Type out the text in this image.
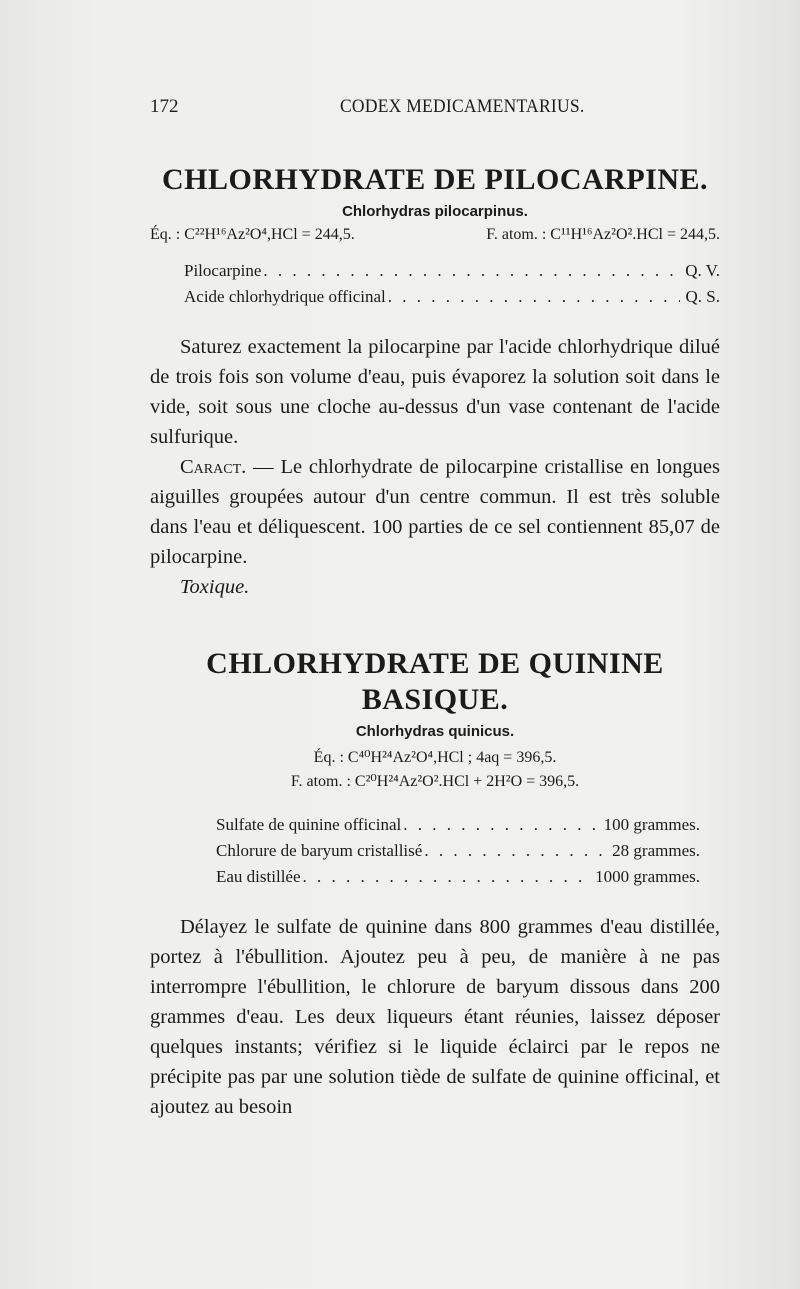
172	CODEX MEDICAMENTARIUS.
CHLORHYDRATE DE PILOCARPINE.
Chlorhydras pilocarpinus.
Éq. : C²²H¹⁶Az²O⁴,HCl = 244,5.	F. atom. : C¹¹H¹⁶Az²O².HCl = 244,5.
Pilocarpine . . .	Q. V.
Acide chlorhydrique officinal . . .	Q. S.

Saturez exactement la pilocarpine par l'acide chlorhydrique dilué de trois fois son volume d'eau, puis évaporez la solution soit dans le vide, soit sous une cloche au-dessus d'un vase contenant de l'acide sulfurique.

Caract. — Le chlorhydrate de pilocarpine cristallise en longues aiguilles groupées autour d'un centre commun. Il est très soluble dans l'eau et déliquescent. 100 parties de ce sel contiennent 85,07 de pilocarpine.

Toxique.

CHLORHYDRATE DE QUININE BASIQUE.
Chlorhydras quinicus.
Éq. : C⁴⁰H²⁴Az²O⁴,HCl ; 4aq = 396,5.
F. atom. : C²⁰H²⁴Az²O².HCl + 2H²O = 396,5.
Sulfate de quinine officinal . . .	100 grammes.
Chlorure de baryum cristallisé . . .	28 grammes.
Eau distillée . . .	1000 grammes.

Délayez le sulfate de quinine dans 800 grammes d'eau distillée, portez à l'ébullition. Ajoutez peu à peu, de manière à ne pas interrompre l'ébullition, le chlorure de baryum dissous dans 200 grammes d'eau. Les deux liqueurs étant réunies, laissez déposer quelques instants; vérifiez si le liquide éclairci par le repos ne précipite pas par une solution tiède de sulfate de quinine officinal, et ajoutez au besoin
